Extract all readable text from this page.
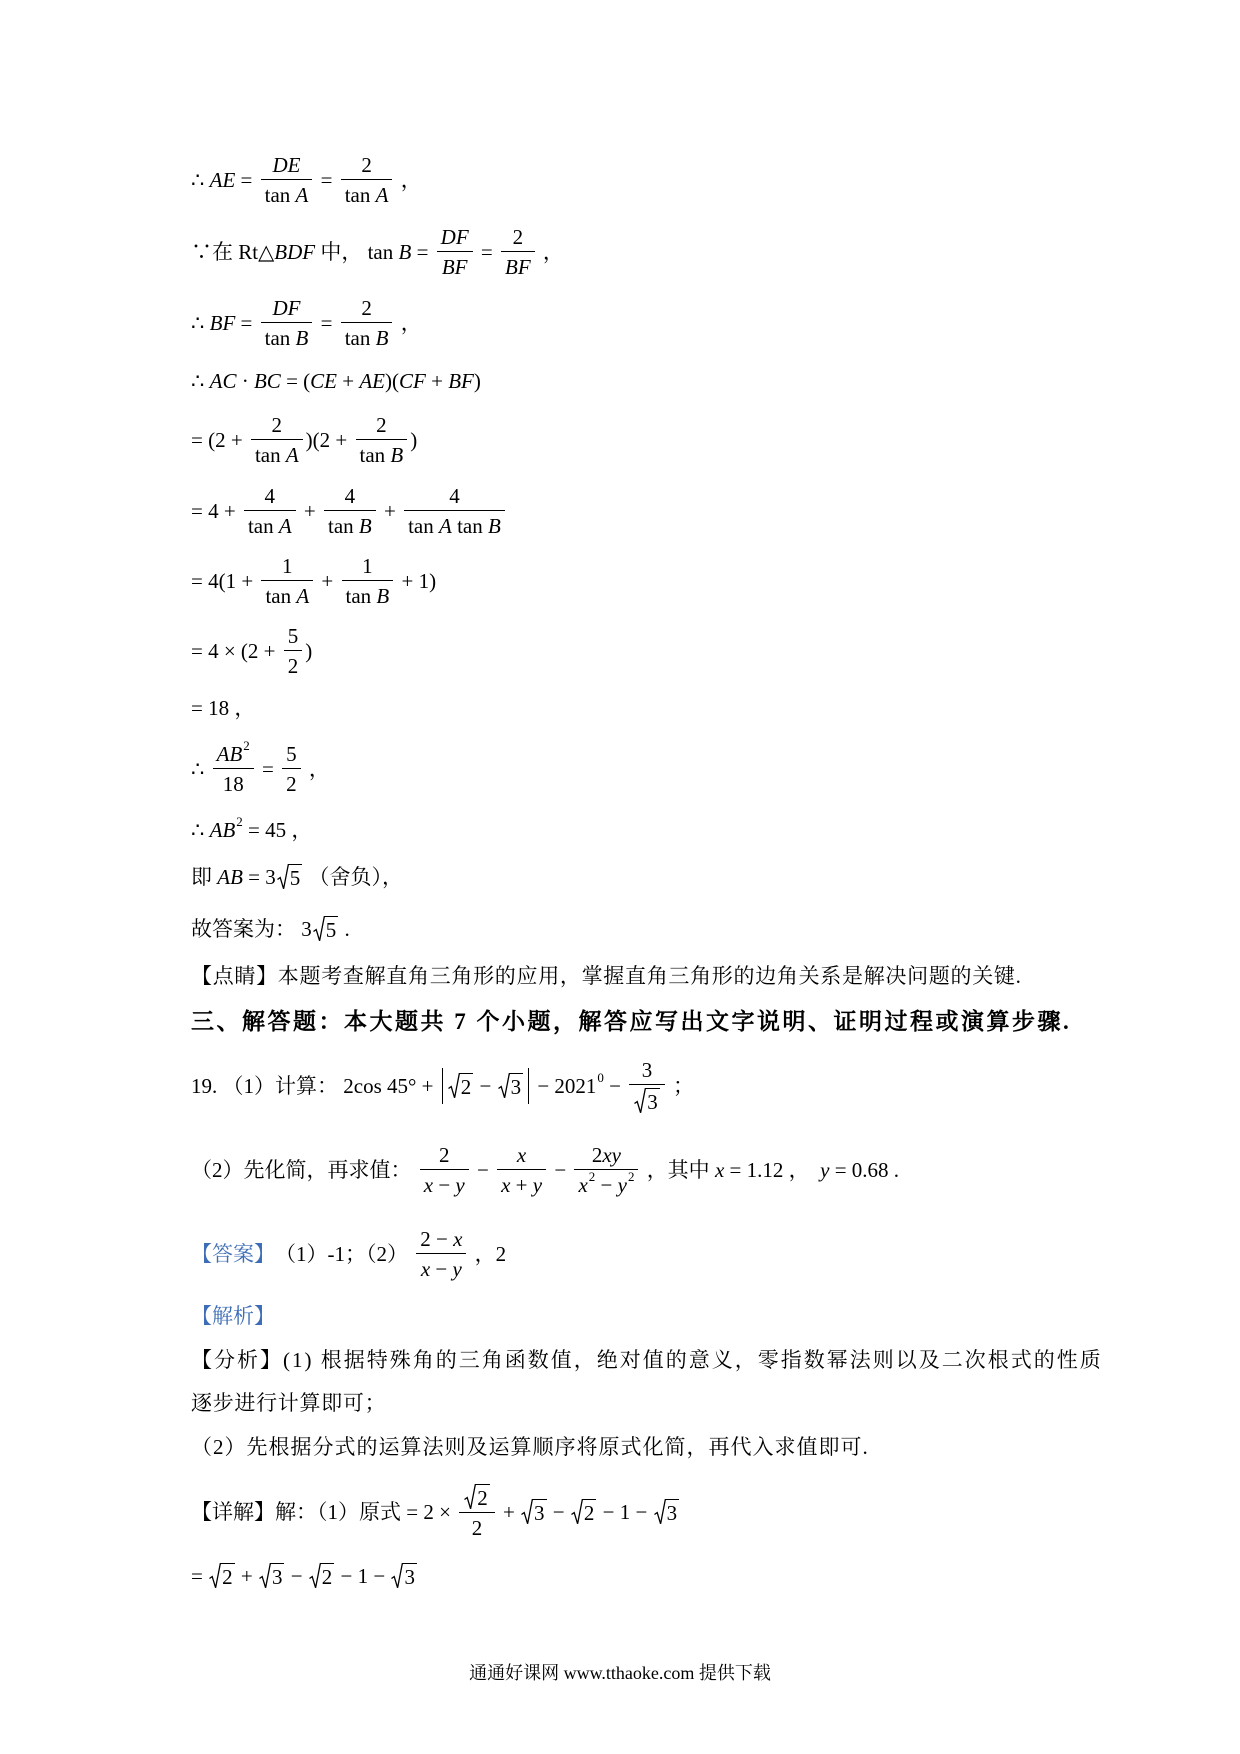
∴ AE = $\frac{DE}{\text{tan A}} = \frac{2}{\text{tan A}}$ ，
∵在 Rt△ BDF 中， $\tan B = \frac{DF}{BF} = \frac{2}{BF}$ ，
∴ BF = $\frac{DF}{\text{tan B}} = \frac{2}{\text{tan B}}$ ，
∴ AC · BC = ( CE + AE )( CF + BF )
= $(2 + \frac{2}{\text{tan A}} )(2 + \frac{2}{\text{tan B}}$ )
= $4 + \frac{4}{\text{tan A}} + \frac{4}{\text{tan B}} + \frac{4}{\text{tan A tan B}}$
= $4(1 + \frac{1}{\text{tan A}} + \frac{1}{\text{tan B}} + 1)$
= $4 \times (2 + \frac{5}{2}$ )
= 18 ，
∴ $\frac{AB 2}{18} = \frac{5}{2}$ ，
∴ AB 2 = 45 ，
即 AB = 3 5 （舍负），
故答案为： 3 5 .
【点睛】本题考查解直角三角形的应用，掌握直角三角形的边角关系是解决问题的关键.
三、解答题：本大题共 7 个小题，解答应写出文字说明、证明过程或演算步骤.
19. （1）计算： 2cos 45° + 2 − 3 − 2021 $0 - \frac{3}{3}$ ；
（2）先化简，再求值： $\frac{2}{x - y} - \frac{x}{x + y} - \frac{2 xy}{x 2 - y 2}$ ，其中 x = 1.12 ， y = 0.68 .
【答案】 （1）-1；$(2) \frac{2 - x}{x - y}$ ，2
【解析】
【分析】(1) 根据特殊角的三角函数值，绝对值的意义，零指数幂法则以及二次根式的性质
逐步进行计算即可；
（2）先根据分式的运算法则及运算顺序将原式化简，再代入求值即可.
【详解】解：（1）原式 = $2 \times \frac{2}{2} + 3 - 2 - 1 - 3$
= 2 + 3 − 2 − 1 − 3
通通好课网 www.tthaoke.com 提供下载
